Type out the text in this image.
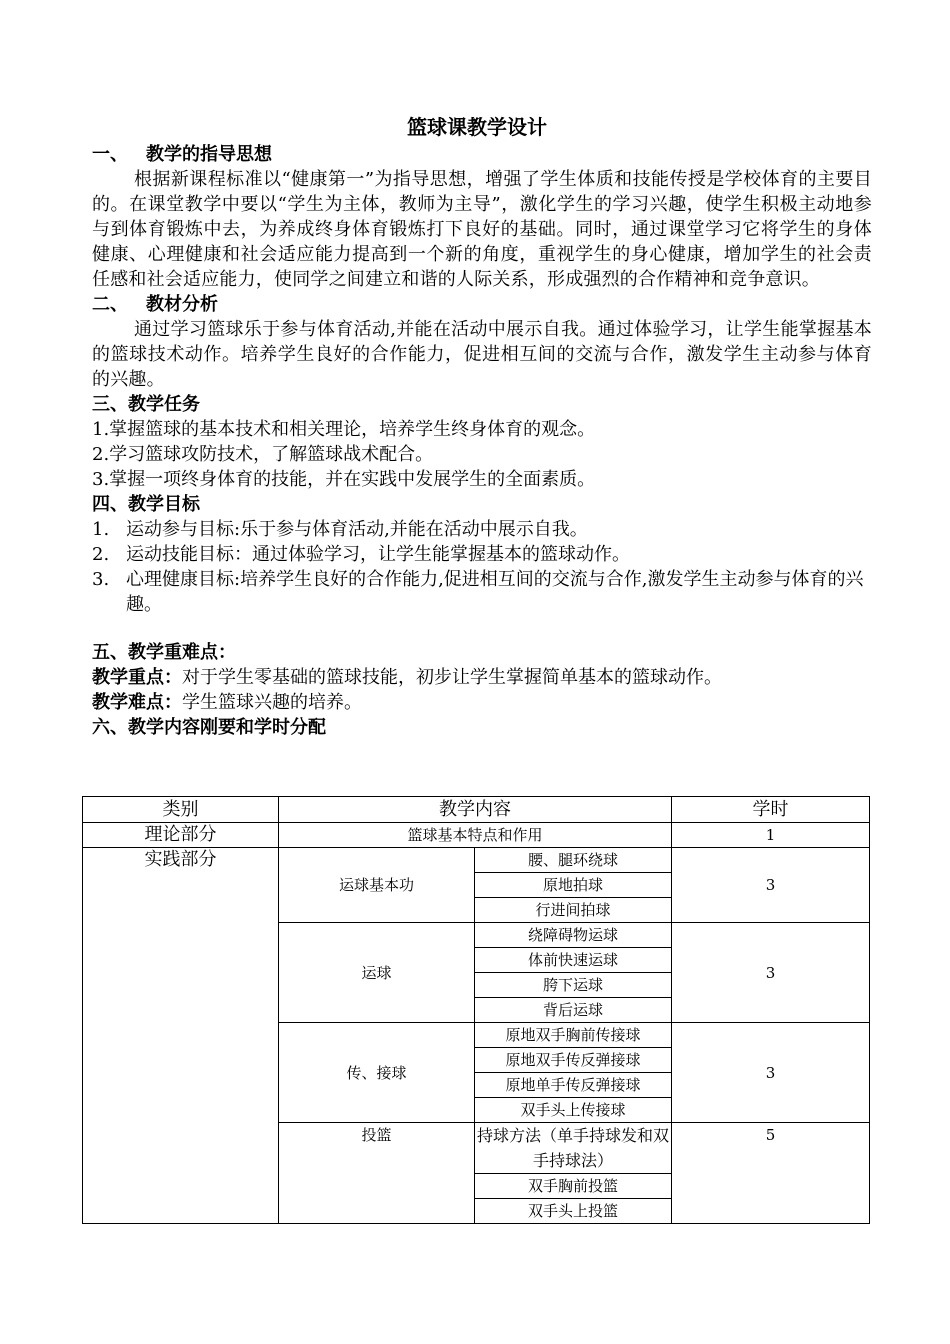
篮球课教学设计
一、 教学的指导思想

根据新课程标准以“健康第一”为指导思想，增强了学生体质和技能传授是学校体育的主要目的。在课堂教学中要以“学生为主体，教师为主导”，激化学生的学习兴趣，使学生积极主动地参与到体育锻炼中去，为养成终身体育锻炼打下良好的基础。同时，通过课堂学习它将学生的身体健康、心理健康和社会适应能力提高到一个新的角度，重视学生的身心健康，增加学生的社会责任感和社会适应能力，使同学之间建立和谐的人际关系，形成强烈的合作精神和竞争意识。

二、 教材分析

通过学习篮球乐于参与体育活动,并能在活动中展示自我。通过体验学习，让学生能掌握基本的篮球技术动作。培养学生良好的合作能力，促进相互间的交流与合作，激发学生主动参与体育的兴趣。

三、教学任务
1.掌握篮球的基本技术和相关理论，培养学生终身体育的观念。
2.学习篮球攻防技术，了解篮球战术配合。
3.掌握一项终身体育的技能，并在实践中发展学生的全面素质。
四、教学目标
1. 运动参与目标:乐于参与体育活动,并能在活动中展示自我。
2. 运动技能目标：通过体验学习，让学生能掌握基本的篮球动作。
3. 心理健康目标:培养学生良好的合作能力,促进相互间的交流与合作,激发学生主动参与体育的兴趣。
五、教学重难点：
教学重点：对于学生零基础的篮球技能，初步让学生掌握简单基本的篮球动作。
教学难点：学生篮球兴趣的培养。
六、教学内容刚要和学时分配
类别	教学内容		学时
理论部分	篮球基本特点和作用		1
实践部分	运球基本功	腰、腿环绕球	3
		原地拍球	
		行进间拍球	
	运球	绕障碍物运球	3
		体前快速运球	
		胯下运球	
		背后运球	
	传、接球	原地双手胸前传接球	3
		原地双手传反弹接球	
		原地单手传反弹接球	
		双手头上传接球	
	投篮	持球方法（单手持球发和双手持球法）	5
		双手胸前投篮	
		双手头上投篮	
